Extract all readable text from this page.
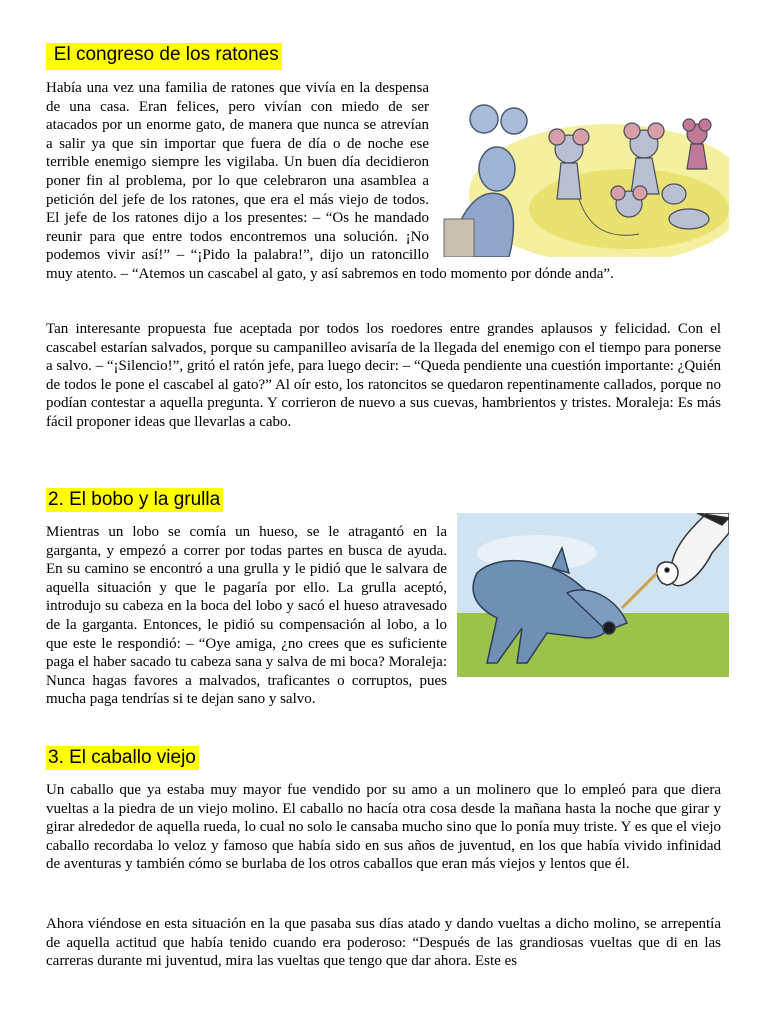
. El congreso de los ratones

Había una vez una familia de ratones que vivía en la despensa de una casa. Eran felices, pero vivían con miedo de ser atacados por un enorme gato, de manera que nunca se atrevían a salir ya que sin importar que fuera de día o de noche ese terrible enemigo siempre les vigilaba. Un buen día decidieron poner fin al problema, por lo que celebraron una asamblea a petición del jefe de los ratones, que era el más viejo de todos. El jefe de los ratones dijo a los presentes: – “Os he mandado reunir para que entre todos encontremos una solución. ¡No podemos vivir así!” – “¡Pido la palabra!”, dijo un ratoncillo muy atento. – “Atemos un cascabel al gato, y así sabremos en todo momento por dónde anda”.

Tan interesante propuesta fue aceptada por todos los roedores entre grandes aplausos y felicidad. Con el cascabel estarían salvados, porque su campanilleo avisaría de la llegada del enemigo con el tiempo para ponerse a salvo. – “¡Silencio!”, gritó el ratón jefe, para luego decir: – “Queda pendiente una cuestión importante: ¿Quién de todos le pone el cascabel al gato?” Al oír esto, los ratoncitos se quedaron repentinamente callados, porque no podían contestar a aquella pregunta. Y corrieron de nuevo a sus cuevas, hambrientos y tristes. Moraleja: Es más fácil proponer ideas que llevarlas a cabo.

2. El bobo y la grulla

Mientras un lobo se comía un hueso, se le atragantó en la garganta, y empezó a correr por todas partes en busca de ayuda. En su camino se encontró a una grulla y le pidió que le salvara de aquella situación y que le pagaría por ello. La grulla aceptó, introdujo su cabeza en la boca del lobo y sacó el hueso atravesado de la garganta. Entonces, le pidió su compensación al lobo, a lo que este le respondió: – “Oye amiga, ¿no crees que es suficiente paga el haber sacado tu cabeza sana y salva de mi boca? Moraleja: Nunca hagas favores a malvados, traficantes o corruptos, pues mucha paga tendrías si te dejan sano y salvo.

3. El caballo viejo

Un caballo que ya estaba muy mayor fue vendido por su amo a un molinero que lo empleó para que diera vueltas a la piedra de un viejo molino. El caballo no hacía otra cosa desde la mañana hasta la noche que girar y girar alrededor de aquella rueda, lo cual no solo le cansaba mucho sino que lo ponía muy triste. Y es que el viejo caballo recordaba lo veloz y famoso que había sido en sus años de juventud, en los que había vivido infinidad de aventuras y también cómo se burlaba de los otros caballos que eran más viejos y lentos que él.

Ahora viéndose en esta situación en la que pasaba sus días atado y dando vueltas a dicho molino, se arrepentía de aquella actitud que había tenido cuando era poderoso: “Después de las grandiosas vueltas que di en las carreras durante mi juventud, mira las vueltas que tengo que dar ahora. Este es
